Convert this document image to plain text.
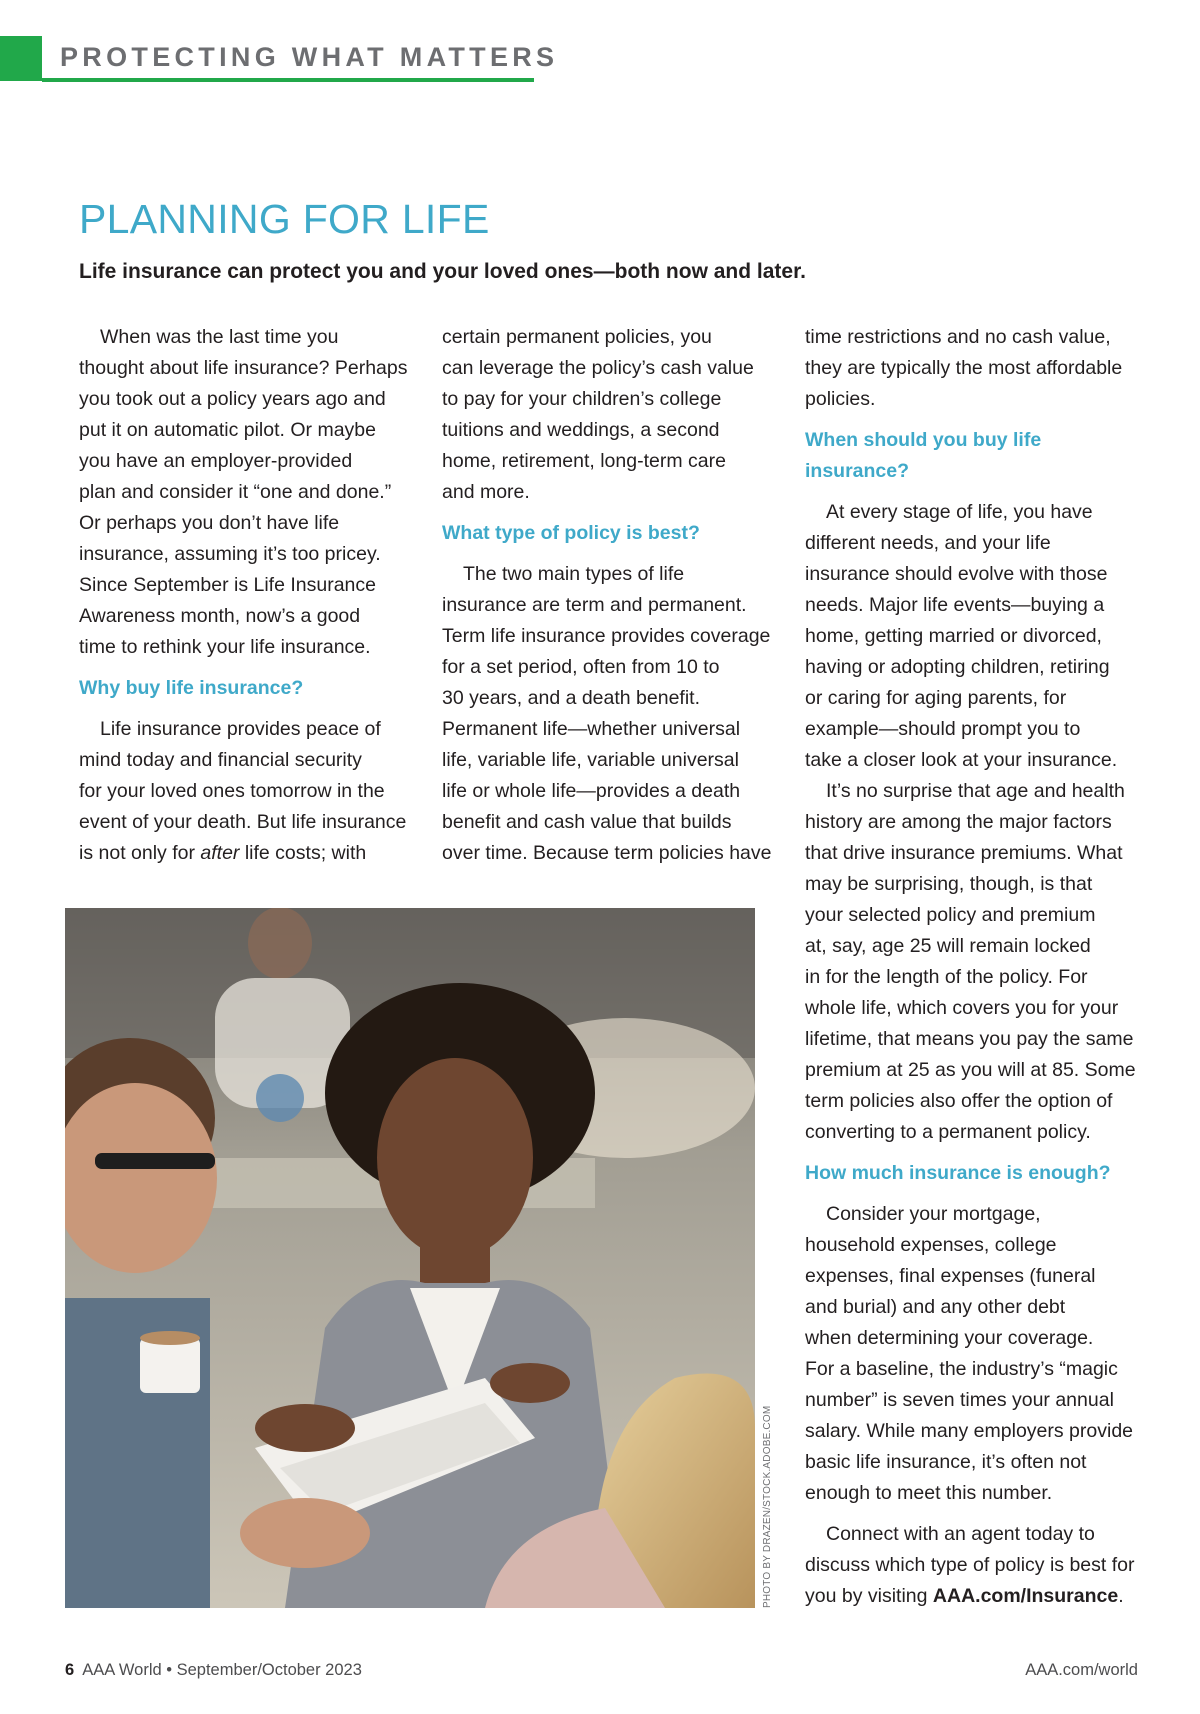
PROTECTING WHAT MATTERS
PLANNING FOR LIFE

Life insurance can protect you and your loved ones—both now and later.

When was the last time you

thought about life insurance? Perhaps

you took out a policy years ago and

put it on automatic pilot. Or maybe

you have an employer-provided

plan and consider it “one and done.”

Or perhaps you don’t have life

insurance, assuming it’s too pricey.

Since September is Life Insurance

Awareness month, now’s a good

time to rethink your life insurance.

Why buy life insurance?

Life insurance provides peace of

mind today and financial security

for your loved ones tomorrow in the

event of your death. But life insurance

is not only for after life costs; with

certain permanent policies, you

can leverage the policy’s cash value

to pay for your children’s college

tuitions and weddings, a second

home, retirement, long-term care

and more.

What type of policy is best?

The two main types of life

insurance are term and permanent.

Term life insurance provides coverage

for a set period, often from 10 to

30 years, and a death benefit.

Permanent life—whether universal

life, variable life, variable universal

life or whole life—provides a death

benefit and cash value that builds

over time. Because term policies have

time restrictions and no cash value,

they are typically the most affordable

policies.

When should you buy life
insurance?

At every stage of life, you have

different needs, and your life

insurance should evolve with those

needs. Major life events—buying a

home, getting married or divorced,

having or adopting children, retiring

or caring for aging parents, for

example—should prompt you to

take a closer look at your insurance.

It’s no surprise that age and health

history are among the major factors

that drive insurance premiums. What

may be surprising, though, is that

your selected policy and premium

at, say, age 25 will remain locked

in for the length of the policy. For

whole life, which covers you for your

lifetime, that means you pay the same

premium at 25 as you will at 85. Some

term policies also offer the option of

converting to a permanent policy.

How much insurance is enough?

Consider your mortgage,

household expenses, college

expenses, final expenses (funeral

and burial) and any other debt

when determining your coverage.

For a baseline, the industry’s “magic

number” is seven times your annual

salary. While many employers provide

basic life insurance, it’s often not

enough to meet this number.

Connect with an agent today to

discuss which type of policy is best for

you by visiting AAA.com/Insurance.

PHOTO BY DRAZEN/STOCK.ADOBE.COM
6 AAA World • September/October 2023	AAA.com/world
